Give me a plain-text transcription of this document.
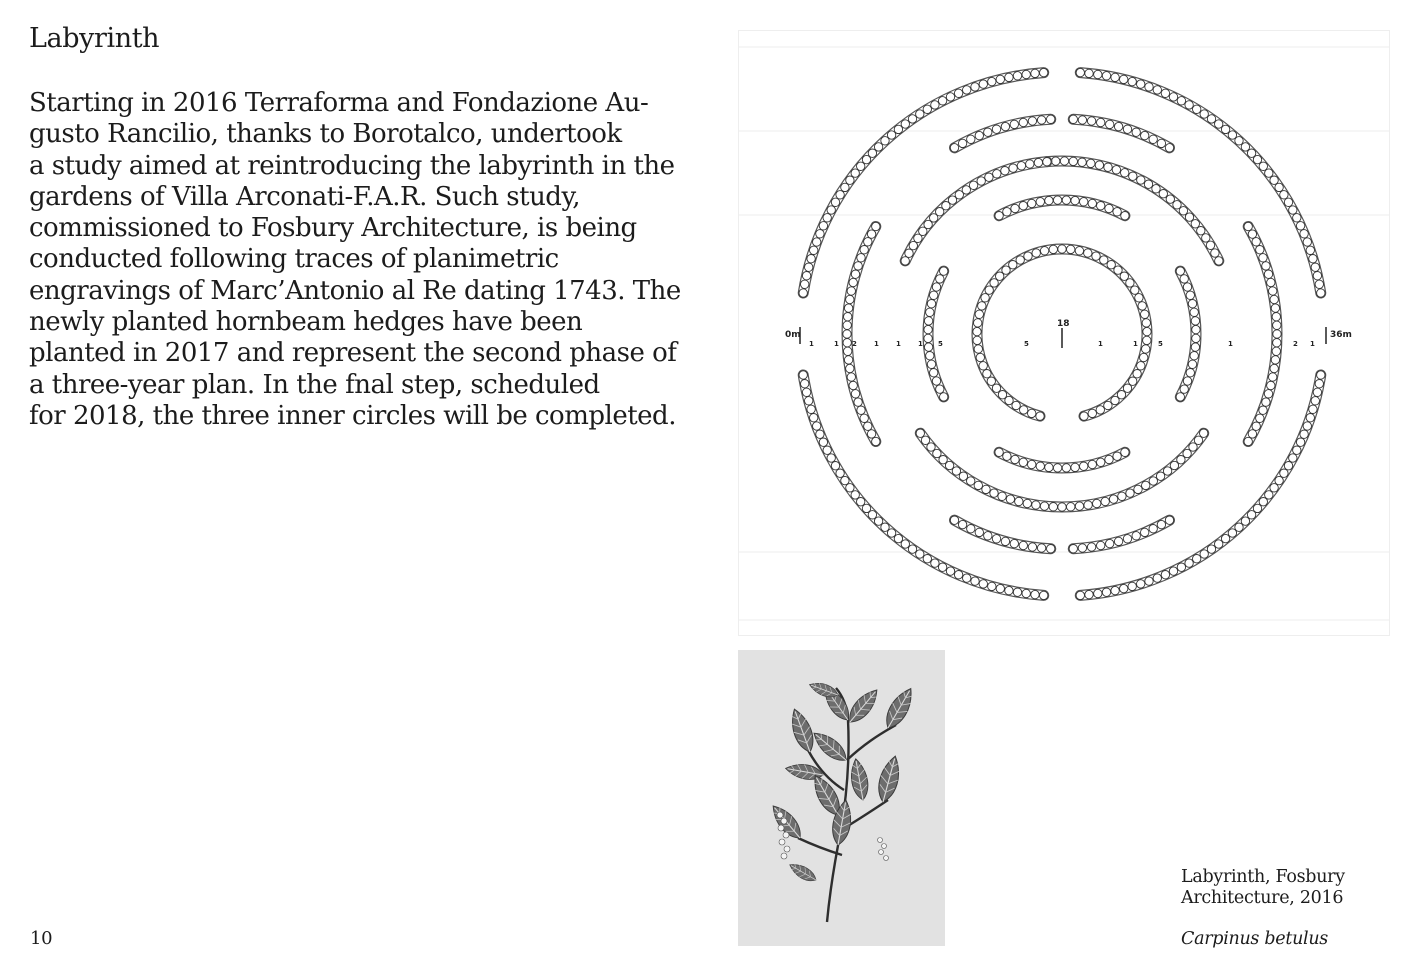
Labyrinth
Starting in 2016 Terraforma and Fondazione Au-
gusto Rancilio, thanks to Borotalco, undertook
a study aimed at reintroducing the labyrinth in the
gardens of Villa Arconati-F.A.R. Such study,
commissioned to Fosbury Architecture, is being
conducted following traces of planimetric
engravings of Marc’Antonio al Re dating 1743. The
newly planted hornbeam hedges have been
planted in 2017 and represent the second phase of
a three-year plan. In the fnal step, scheduled
for 2018, the three inner circles will be completed.
10
0m
18
36m
1	1 2 1 1 1 5	5	1	1	5	1	2 1
Labyrinth, Fosbury
Architecture, 2016
Carpinus betulus
